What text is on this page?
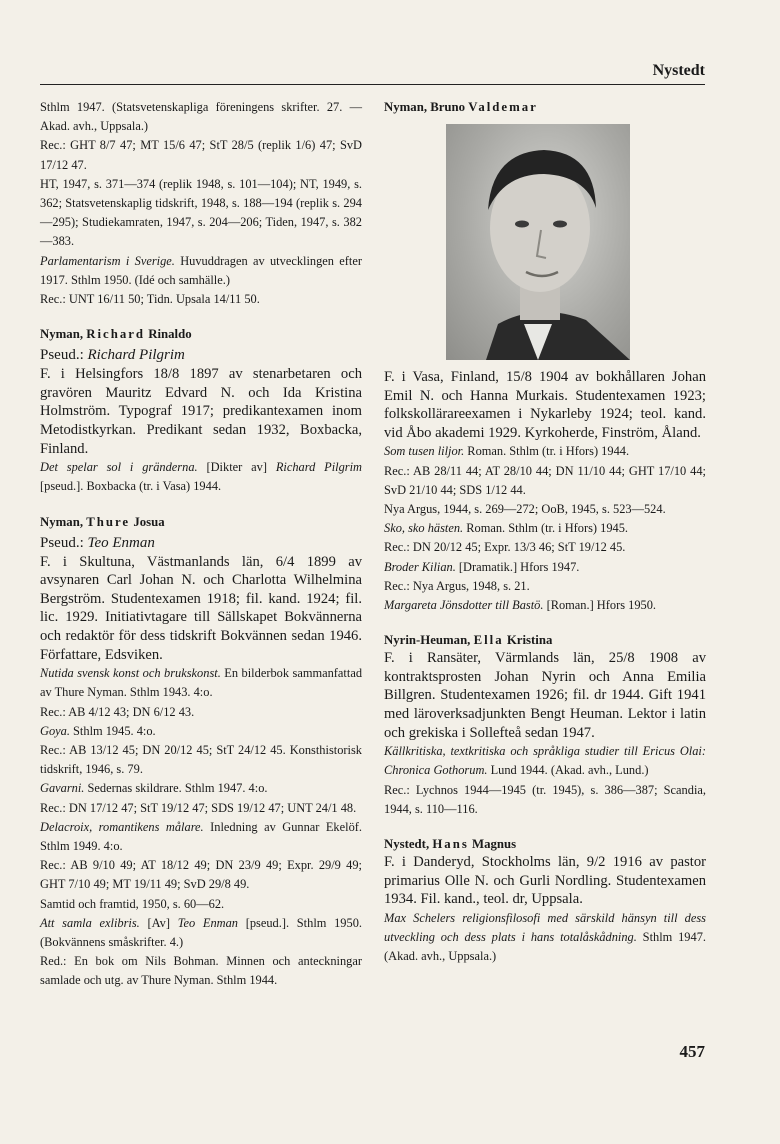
Nystedt

Sthlm 1947. (Statsvetenskapliga föreningens skrifter. 27. — Akad. avh., Uppsala.)

Rec.: GHT 8/7 47; MT 15/6 47; StT 28/5 (replik 1/6) 47; SvD 17/12 47.

HT, 1947, s. 371—374 (replik 1948, s. 101—104); NT, 1949, s. 362; Statsvetenskaplig tidskrift, 1948, s. 188—194 (replik s. 294—295); Studiekamraten, 1947, s. 204—206; Tiden, 1947, s. 382—383.

Parlamentarism i Sverige. Huvuddragen av utvecklingen efter 1917. Sthlm 1950. (Idé och samhälle.)

Rec.: UNT 16/11 50; Tidn. Upsala 14/11 50.

Nyman, Richard Rinaldo

Pseud.: Richard Pilgrim

F. i Helsingfors 18/8 1897 av stenarbetaren och gravören Mauritz Edvard N. och Ida Kristina Holmström. Typograf 1917; predikantexamen inom Metodistkyrkan. Predikant sedan 1932, Boxbacka, Finland.

Det spelar sol i gränderna. [Dikter av] Richard Pilgrim [pseud.]. Boxbacka (tr. i Vasa) 1944.

Nyman, Thure Josua

Pseud.: Teo Enman

F. i Skultuna, Västmanlands län, 6/4 1899 av avsynaren Carl Johan N. och Charlotta Wilhelmina Bergström. Studentexamen 1918; fil. kand. 1924; fil. lic. 1929. Initiativtagare till Sällskapet Bokvännerna och redaktör för dess tidskrift Bokvännen sedan 1946. Författare, Edsviken.

Nutida svensk konst och brukskonst. En bilderbok sammanfattad av Thure Nyman. Sthlm 1943. 4:o.

Rec.: AB 4/12 43; DN 6/12 43.

Goya. Sthlm 1945. 4:o.

Rec.: AB 13/12 45; DN 20/12 45; StT 24/12 45. Konsthistorisk tidskrift, 1946, s. 79.

Gavarni. Sedernas skildrare. Sthlm 1947. 4:o.

Rec.: DN 17/12 47; StT 19/12 47; SDS 19/12 47; UNT 24/1 48.

Delacroix, romantikens målare. Inledning av Gunnar Ekelöf. Sthlm 1949. 4:o.

Rec.: AB 9/10 49; AT 18/12 49; DN 23/9 49; Expr. 29/9 49; GHT 7/10 49; MT 19/11 49; SvD 29/8 49.

Samtid och framtid, 1950, s. 60—62.

Att samla exlibris. [Av] Teo Enman [pseud.]. Sthlm 1950. (Bokvännens småskrifter. 4.)

Red.: En bok om Nils Bohman. Minnen och anteckningar samlade och utg. av Thure Nyman. Sthlm 1944.

Nyman, Bruno Valdemar

F. i Vasa, Finland, 15/8 1904 av bokhållaren Johan Emil N. och Hanna Murkais. Studentexamen 1923; folkskollärareexamen i Nykarleby 1924; teol. kand. vid Åbo akademi 1929. Kyrkoherde, Finström, Åland.

Som tusen liljor. Roman. Sthlm (tr. i Hfors) 1944.

Rec.: AB 28/11 44; AT 28/10 44; DN 11/10 44; GHT 17/10 44; SvD 21/10 44; SDS 1/12 44.

Nya Argus, 1944, s. 269—272; OoB, 1945, s. 523—524.

Sko, sko hästen. Roman. Sthlm (tr. i Hfors) 1945.

Rec.: DN 20/12 45; Expr. 13/3 46; StT 19/12 45.

Broder Kilian. [Dramatik.] Hfors 1947.

Rec.: Nya Argus, 1948, s. 21.

Margareta Jönsdotter till Bastö. [Roman.] Hfors 1950.

Nyrin-Heuman, Ella Kristina

F. i Ransäter, Värmlands län, 25/8 1908 av kontraktsprosten Johan Nyrin och Anna Emilia Billgren. Studentexamen 1926; fil. dr 1944. Gift 1941 med läroverksadjunkten Bengt Heuman. Lektor i latin och grekiska i Sollefteå sedan 1947.

Källkritiska, textkritiska och språkliga studier till Ericus Olai: Chronica Gothorum. Lund 1944. (Akad. avh., Lund.)

Rec.: Lychnos 1944—1945 (tr. 1945), s. 386—387; Scandia, 1944, s. 110—116.

Nystedt, Hans Magnus

F. i Danderyd, Stockholms län, 9/2 1916 av pastor primarius Olle N. och Gurli Nordling. Studentexamen 1934. Fil. kand., teol. dr, Uppsala.

Max Schelers religionsfilosofi med särskild hänsyn till dess utveckling och dess plats i hans totalåskådning. Sthlm 1947. (Akad. avh., Uppsala.)

457
